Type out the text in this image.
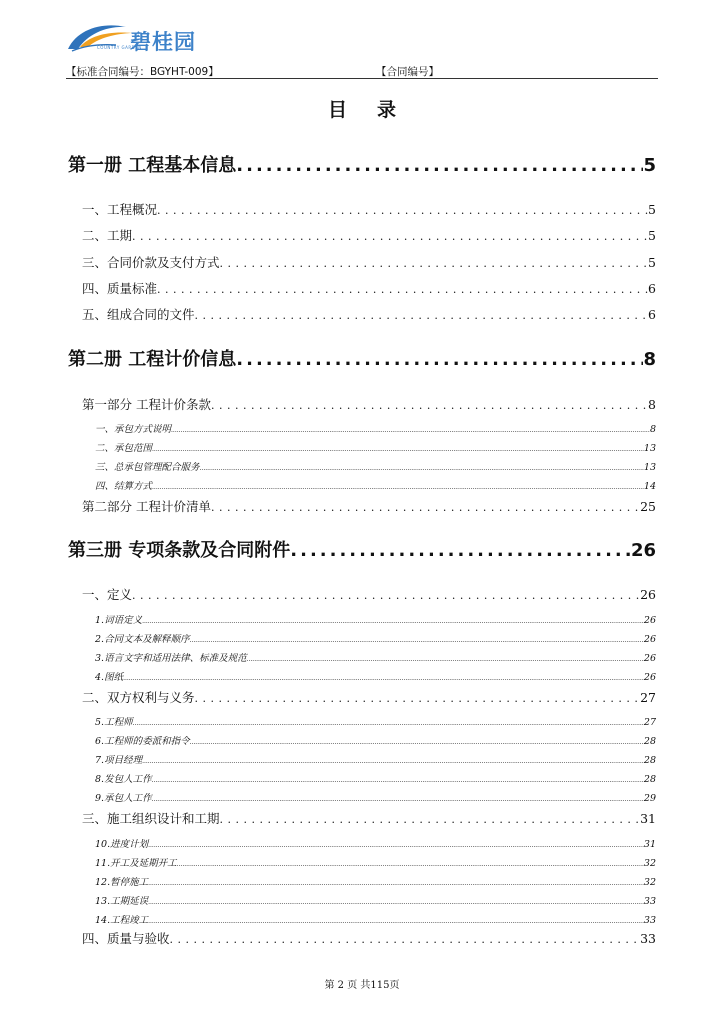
碧桂园
COUNTRY GARDEN
【标准合同编号：BGYHT-009】	【合同编号】
目录
第一册 工程基本信息 .....	5
一、工程概况 .....	5
二、工期 .....	5
三、合同价款及支付方式 .....	5
四、质量标准 .....	6
五、组成合同的文件 .....	6
第二册 工程计价信息 .....	8
第一部分 工程计价条款 .....	8
一、承包方式说明 .....	8
二、承包范围 .....	13
三、总承包管理配合服务 .....	13
四、结算方式 .....	14
第二部分 工程计价清单 .....	25
第三册 专项条款及合同附件 .....	26
一、定义 .....	26
1.词语定义 .....	26
2.合同文本及解释顺序 .....	26
3.语言文字和适用法律、标准及规范 .....	26
4.图纸 .....	26
二、双方权利与义务 .....	27
5.工程师 .....	27
6.工程师的委派和指令 .....	28
7.项目经理 .....	28
8.发包人工作 .....	28
9.承包人工作 .....	29
三、施工组织设计和工期 .....	31
10.进度计划 .....	31
11.开工及延期开工 .....	32
12.暂停施工 .....	32
13.工期延误 .....	33
14.工程竣工 .....	33
四、质量与验收 .....	33
第 2 页 共115页
